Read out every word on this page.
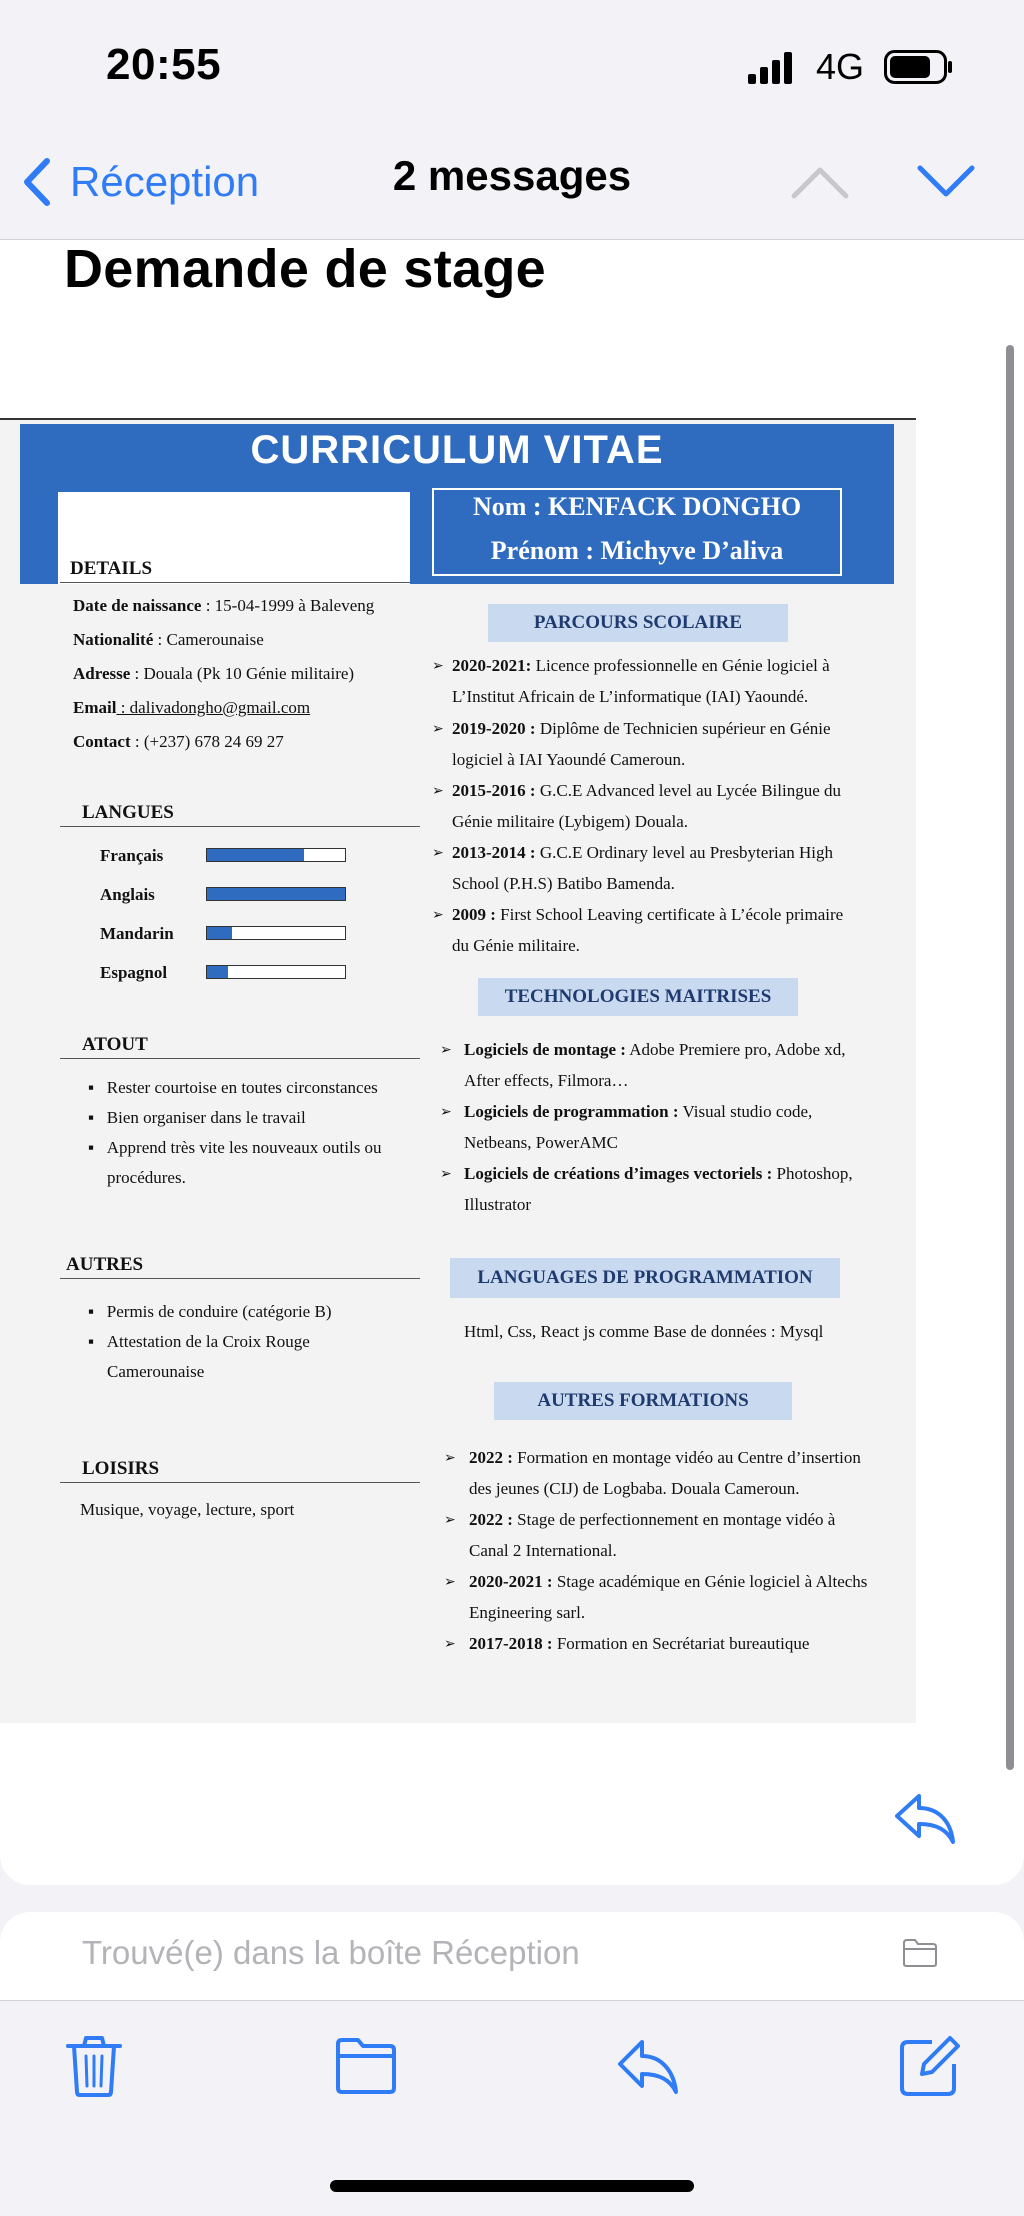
20:55	4G
Réception	2 messages
Demande de stage
CURRICULUM VITAE
Nom : KENFACK DONGHO
Prénom : Michyve D’aliva
DETAILS
Date de naissance : 15-04-1999 à Baleveng
Nationalité : Camerounaise
Adresse : Douala (Pk 10 Génie militaire)
Email : dalivadongho@gmail.com
Contact : (+237) 678 24 69 27
LANGUES
Français
Anglais
Mandarin
Espagnol
ATOUT
▪   Rester courtoise en toutes circonstances
▪   Bien organiser dans le travail
▪   Apprend très vite les nouveaux outils ou
procédures.
AUTRES
▪   Permis de conduire (catégorie B)
▪   Attestation de la Croix Rouge
Camerounaise
LOISIRS
Musique, voyage, lecture, sport
PARCOURS SCOLAIRE
➢ 2020-2021: Licence professionnelle en Génie logiciel à
L’Institut Africain de L’informatique (IAI) Yaoundé.
➢ 2019-2020 : Diplôme de Technicien supérieur en Génie
logiciel à IAI Yaoundé Cameroun.
➢ 2015-2016 : G.C.E Advanced level au Lycée Bilingue du
Génie militaire (Lybigem) Douala.
➢ 2013-2014 : G.C.E Ordinary level au Presbyterian High
School (P.H.S) Batibo Bamenda.
➢ 2009 : First School Leaving certificate à L’école primaire
du Génie militaire.
TECHNOLOGIES MAITRISES
➢ Logiciels de montage : Adobe Premiere pro, Adobe xd,
After effects, Filmora…
➢ Logiciels de programmation : Visual studio code,
Netbeans, PowerAMC
➢ Logiciels de créations d’images vectoriels : Photoshop,
Illustrator
LANGUAGES DE PROGRAMMATION
Html, Css, React js comme Base de données : Mysql
AUTRES FORMATIONS
➢ 2022 : Formation en montage vidéo au Centre d’insertion
des jeunes (CIJ) de Logbaba. Douala Cameroun.
➢ 2022 : Stage de perfectionnement en montage vidéo à
Canal 2 International.
➢ 2020-2021 : Stage académique en Génie logiciel à Altechs
Engineering sarl.
➢ 2017-2018 : Formation en Secrétariat bureautique
Trouvé(e) dans la boîte Réception
